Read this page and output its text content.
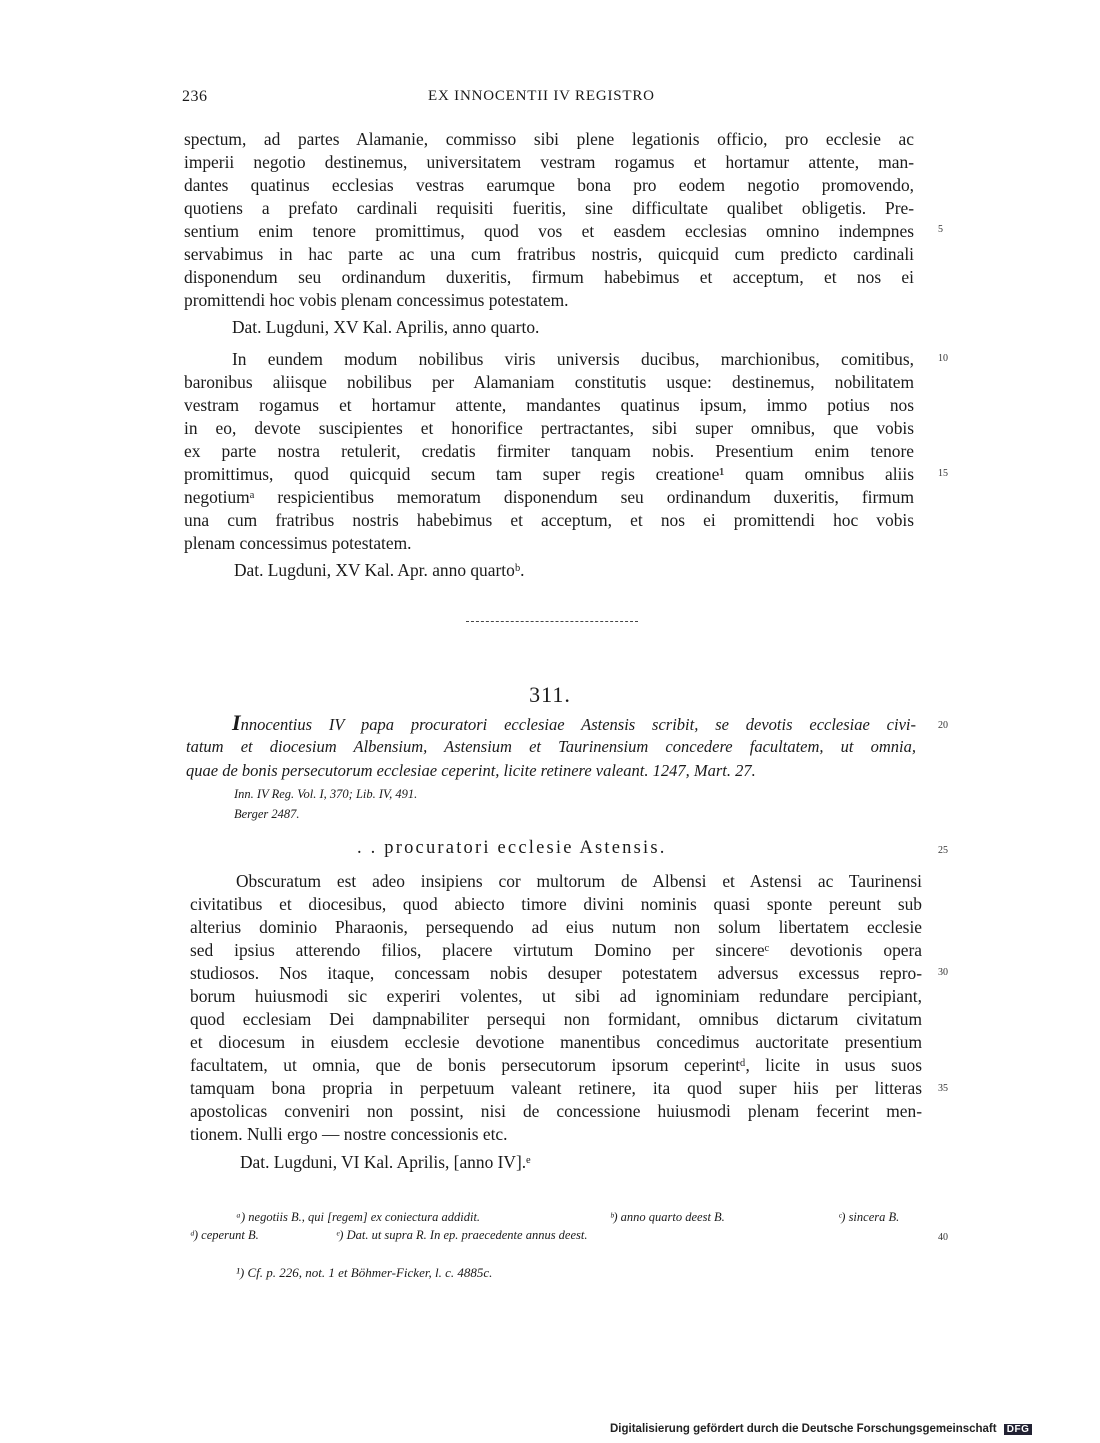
236	EX INNOCENTII IV REGISTRO
spectum, ad partes Alamanie, commisso sibi plene legationis officio, pro ecclesie ac
imperii negotio destinemus, universitatem vestram rogamus et hortamur attente, man-
dantes quatinus ecclesias vestras earumque bona pro eodem negotio promovendo,
quotiens a prefato cardinali requisiti fueritis, sine difficultate qualibet obligetis. Pre-
sentium enim tenore promittimus, quod vos et easdem ecclesias omnino indempnes
servabimus in hac parte ac una cum fratribus nostris, quicquid cum predicto cardinali
disponendum seu ordinandum duxeritis, firmum habebimus et acceptum, et nos ei
promittendi hoc vobis plenam concessimus potestatem.
Dat. Lugduni, XV Kal. Aprilis, anno quarto.
In eundem modum nobilibus viris universis ducibus, marchionibus, comitibus,
baronibus aliisque nobilibus per Alamaniam constitutis usque: destinemus, nobilitatem
vestram rogamus et hortamur attente, mandantes quatinus ipsum, immo potius nos
in eo, devote suscipientes et honorifice pertractantes, sibi super omnibus, que vobis
ex parte nostra retulerit, credatis firmiter tanquam nobis. Presentium enim tenore
promittimus, quod quicquid secum tam super regis creatione¹ quam omnibus aliis
negotiumᵃ respicientibus memoratum disponendum seu ordinandum duxeritis, firmum
una cum fratribus nostris habebimus et acceptum, et nos ei promittendi hoc vobis
plenam concessimus potestatem.
Dat. Lugduni, XV Kal. Apr. anno quartoᵇ.
311.
Innocentius IV papa procuratori ecclesiae Astensis scribit, se devotis ecclesiae civi-
tatum et diocesium Albensium, Astensium et Taurinensium concedere facultatem, ut omnia,
quae de bonis persecutorum ecclesiae ceperint, licite retinere valeant. 1247, Mart. 27.
Inn. IV Reg. Vol. I, 370; Lib. IV, 491.
Berger 2487.
. . procuratori ecclesie Astensis.
Obscuratum est adeo insipiens cor multorum de Albensi et Astensi ac Taurinensi
civitatibus et diocesibus, quod abiecto timore divini nominis quasi sponte pereunt sub
alterius dominio Pharaonis, persequendo ad eius nutum non solum libertatem ecclesie
sed ipsius atterendo filios, placere virtutum Domino per sincereᶜ devotionis opera
studiosos. Nos itaque, concessam nobis desuper potestatem adversus excessus repro-
borum huiusmodi sic experiri volentes, ut sibi ad ignominiam redundare percipiant,
quod ecclesiam Dei dampnabiliter persequi non formidant, omnibus dictarum civitatum
et diocesum in eiusdem ecclesie devotione manentibus concedimus auctoritate presentium
facultatem, ut omnia, que de bonis persecutorum ipsorum ceperintᵈ, licite in usus suos
tamquam bona propria in perpetuum valeant retinere, ita quod super hiis per litteras
apostolicas conveniri non possint, nisi de concessione huiusmodi plenam fecerint men-
tionem. Nulli ergo — nostre concessionis etc.
Dat. Lugduni, VI Kal. Aprilis, [anno IV].ᵉ
5
10
15
20
25
30
35
40
ᵃ) negotiis B., qui [regem] ex coniectura addidit.	ᵇ) anno quarto deest B.	ᶜ) sincera B.
ᵈ) ceperunt B.	ᵉ) Dat. ut supra R. In ep. praecedente annus deest.
¹) Cf. p. 226, not. 1 et Böhmer-Ficker, l. c. 4885c.
Digitalisierung gefördert durch die Deutsche Forschungsgemeinschaft DFG
